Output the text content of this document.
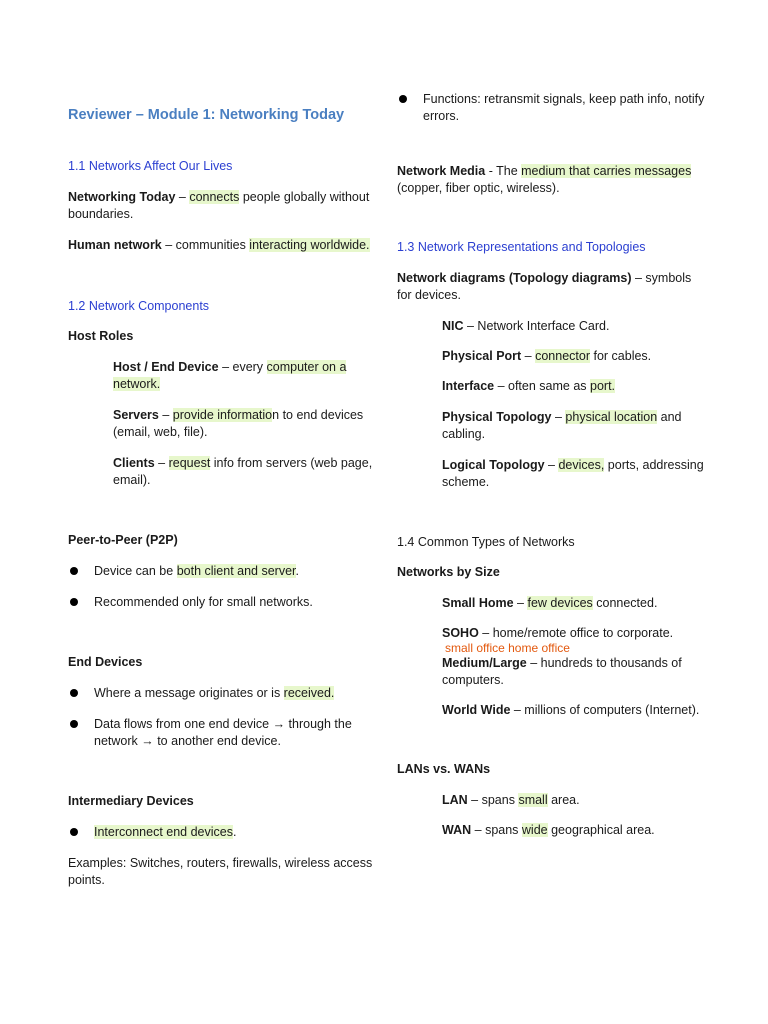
Reviewer – Module 1: Networking Today

1.1 Networks Affect Our Lives

Networking Today – connects people globally without boundaries.

Human network – communities interacting worldwide.

1.2 Network Components

Host Roles

Host / End Device – every computer on a network.

Servers – provide information to end devices (email, web, file).

Clients – request info from servers (web page, email).

Peer-to-Peer (P2P)

Device can be both client and server.
Recommended only for small networks.

End Devices

Where a message originates or is received.
Data flows from one end device → through the network → to another end device.

Intermediary Devices

Interconnect end devices.

Examples: Switches, routers, firewalls, wireless access points.

Functions: retransmit signals, keep path info, notify errors.

Network Media - The medium that carries messages (copper, fiber optic, wireless).

1.3 Network Representations and Topologies

Network diagrams (Topology diagrams) – symbols for devices.

NIC – Network Interface Card.

Physical Port – connector for cables.

Interface – often same as port.

Physical Topology – physical location and cabling.

Logical Topology – devices, ports, addressing scheme.

1.4 Common Types of Networks

Networks by Size

Small Home – few devices connected.

SOHO – home/remote office to corporate.

small office home office

Medium/Large – hundreds to thousands of computers.

World Wide – millions of computers (Internet).

LANs vs. WANs

LAN – spans small area.

WAN – spans wide geographical area.
